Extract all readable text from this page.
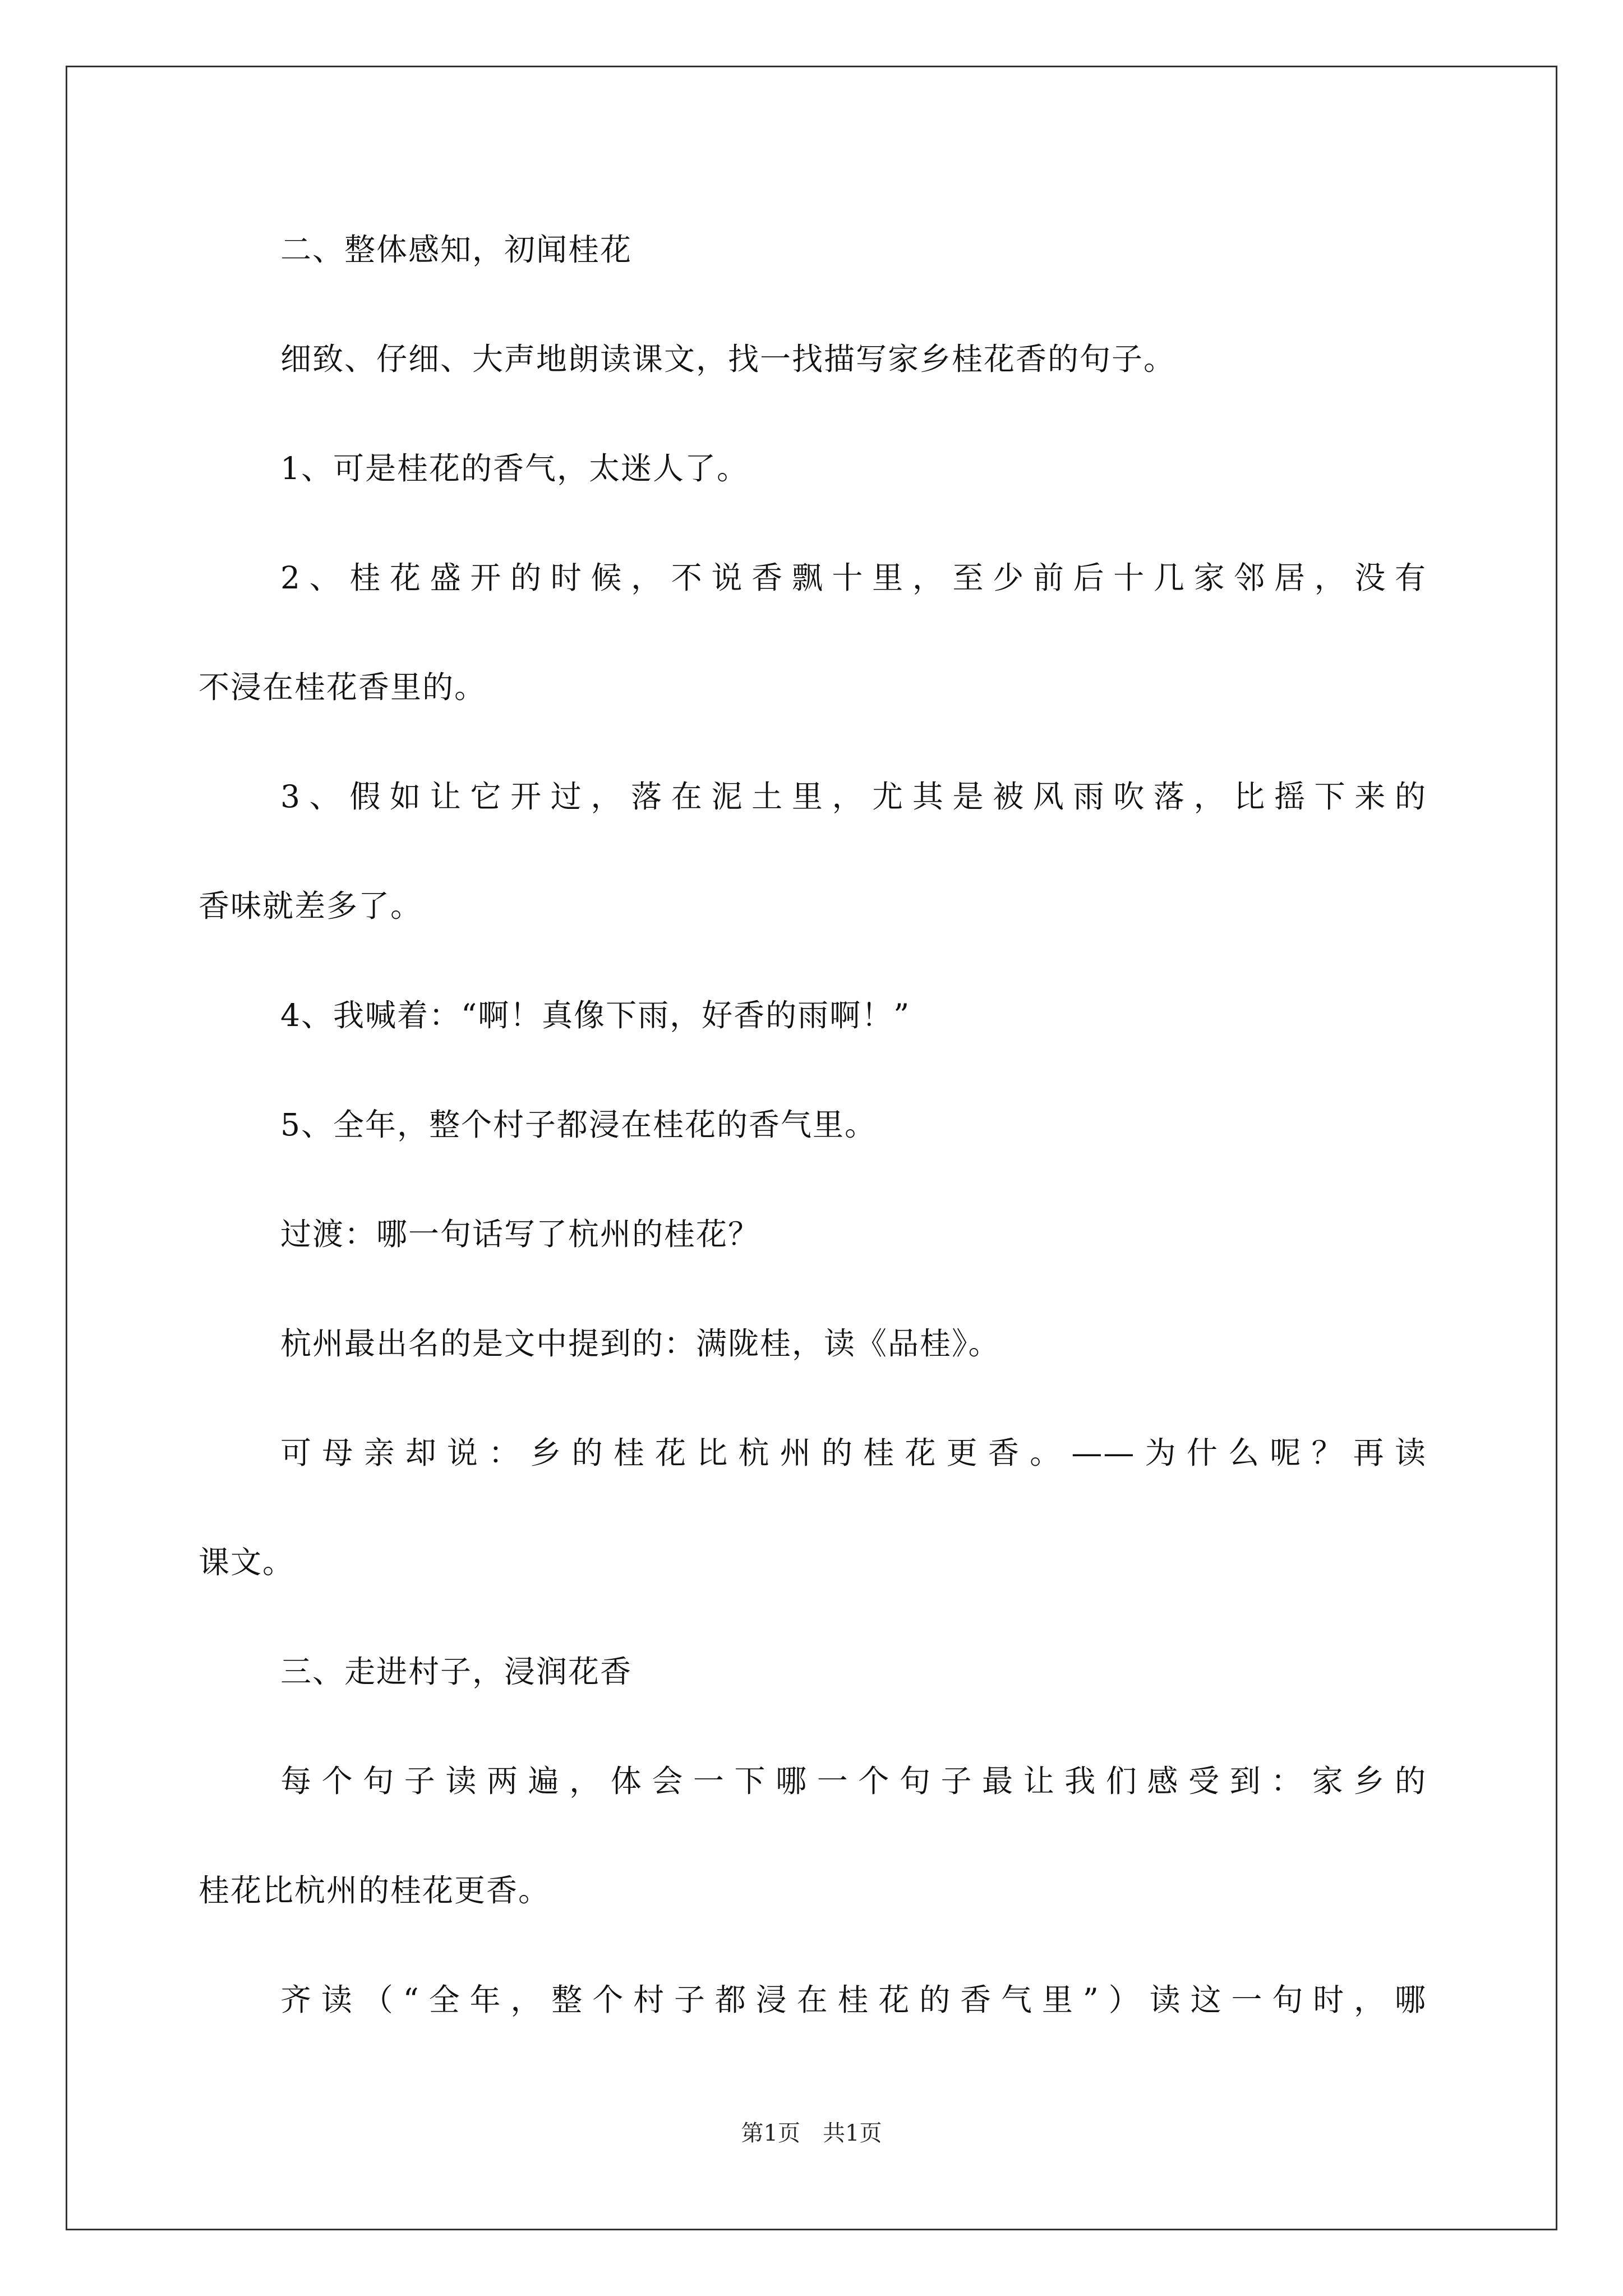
二、整体感知，初闻桂花
细致、仔细、大声地朗读课文，找一找描写家乡桂花香的句子。
1、可是桂花的香气，太迷人了。
2、桂花盛开的时候，不说香飘十里，至少前后十几家邻居，没有
不浸在桂花香里的。
3、假如让它开过，落在泥土里，尤其是被风雨吹落，比摇下来的
香味就差多了。
4、我喊着：“啊！真像下雨，好香的雨啊！”
5、全年，整个村子都浸在桂花的香气里。
过渡：哪一句话写了杭州的桂花？
杭州最出名的是文中提到的：满陇桂，读《品桂》。
可母亲却说：乡的桂花比杭州的桂花更香。——为什么呢？再读
课文。
三、走进村子，浸润花香
每个句子读两遍，体会一下哪一个句子最让我们感受到：家乡的
桂花比杭州的桂花更香。
齐读（“全年，整个村子都浸在桂花的香气里”）读这一句时，哪
第1页　共1页
